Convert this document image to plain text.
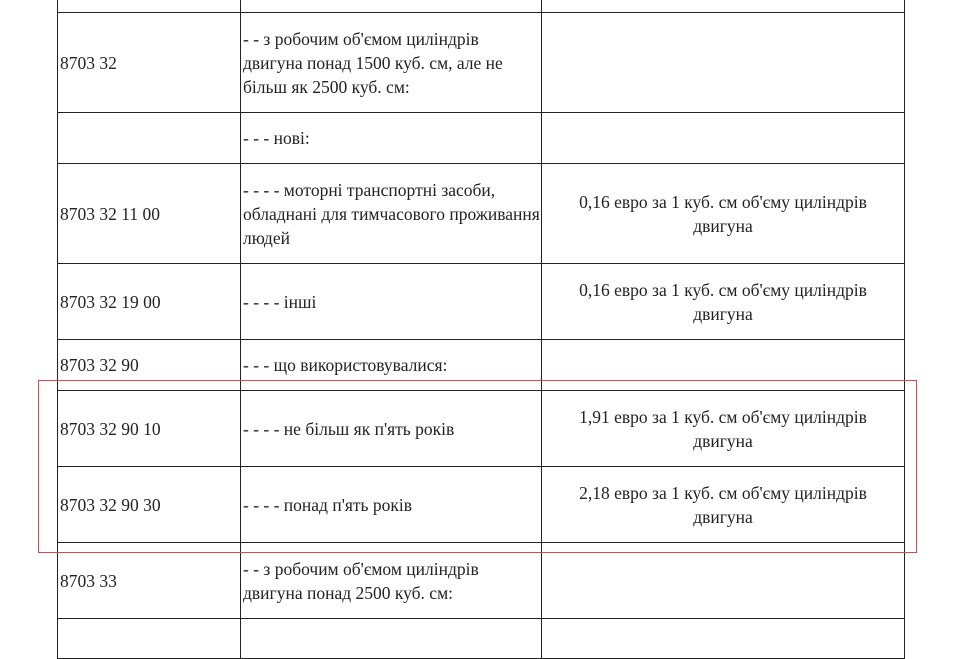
8703 32	- - з робочим об'ємом циліндрів двигуна понад 1500 куб. см, але не більш як 2500 куб. см:	
	- - - нові:	
8703 32 11 00	- - - - моторні транспортні засоби, обладнані для тимчасового проживання людей	0,16 евро за 1 куб. см об'єму циліндрів двигуна
8703 32 19 00	- - - - інші	0,16 евро за 1 куб. см об'єму циліндрів двигуна
8703 32 90	- - - що використовувалися:	
8703 32 90 10	- - - - не більш як п'ять років	1,91 евро за 1 куб. см об'єму циліндрів двигуна
8703 32 90 30	- - - - понад п'ять років	2,18 евро за 1 куб. см об'єму циліндрів двигуна
8703 33	- - з робочим об'ємом циліндрів двигуна понад 2500 куб. см:	
